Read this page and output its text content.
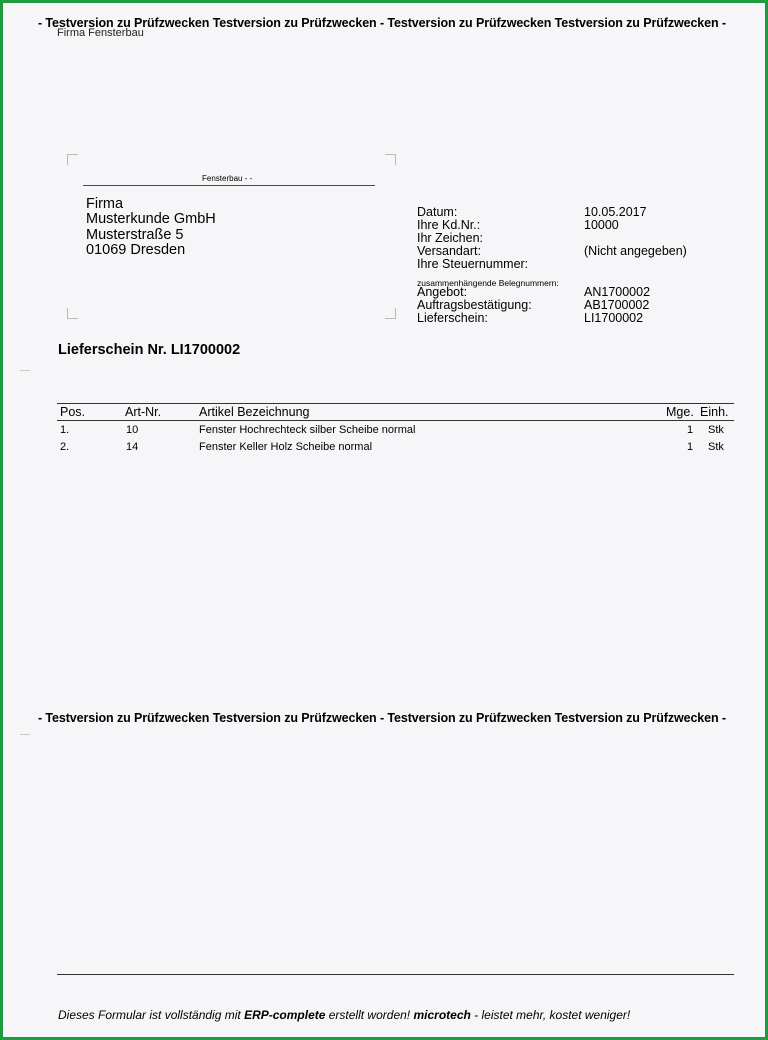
- Testversion zu Prüfzwecken Testversion zu Prüfzwecken - Testversion zu Prüfzwecken Testversion zu Prüfzwecken -
Firma Fensterbau
Fensterbau - -
Firma
Musterkunde GmbH
Musterstraße 5
01069 Dresden
Datum:	10.05.2017
Ihre Kd.Nr.:	10000
Ihr Zeichen:
Versandart:	(Nicht angegeben)
Ihre Steuernummer:
zusammenhängende Belegnummern:
Angebot:	AN1700002
Auftragsbestätigung:	AB1700002
Lieferschein:	LI1700002
Lieferschein Nr. LI1700002
Pos.	Art-Nr.	Artikel Bezeichnung	Mge. Einh.
1.	10	Fenster Hochrechteck silber Scheibe normal	1 Stk
2.	14	Fenster Keller Holz Scheibe normal	1 Stk
- Testversion zu Prüfzwecken Testversion zu Prüfzwecken - Testversion zu Prüfzwecken Testversion zu Prüfzwecken -
Dieses Formular ist vollständig mit ERP-complete erstellt worden! microtech - leistet mehr, kostet weniger!
